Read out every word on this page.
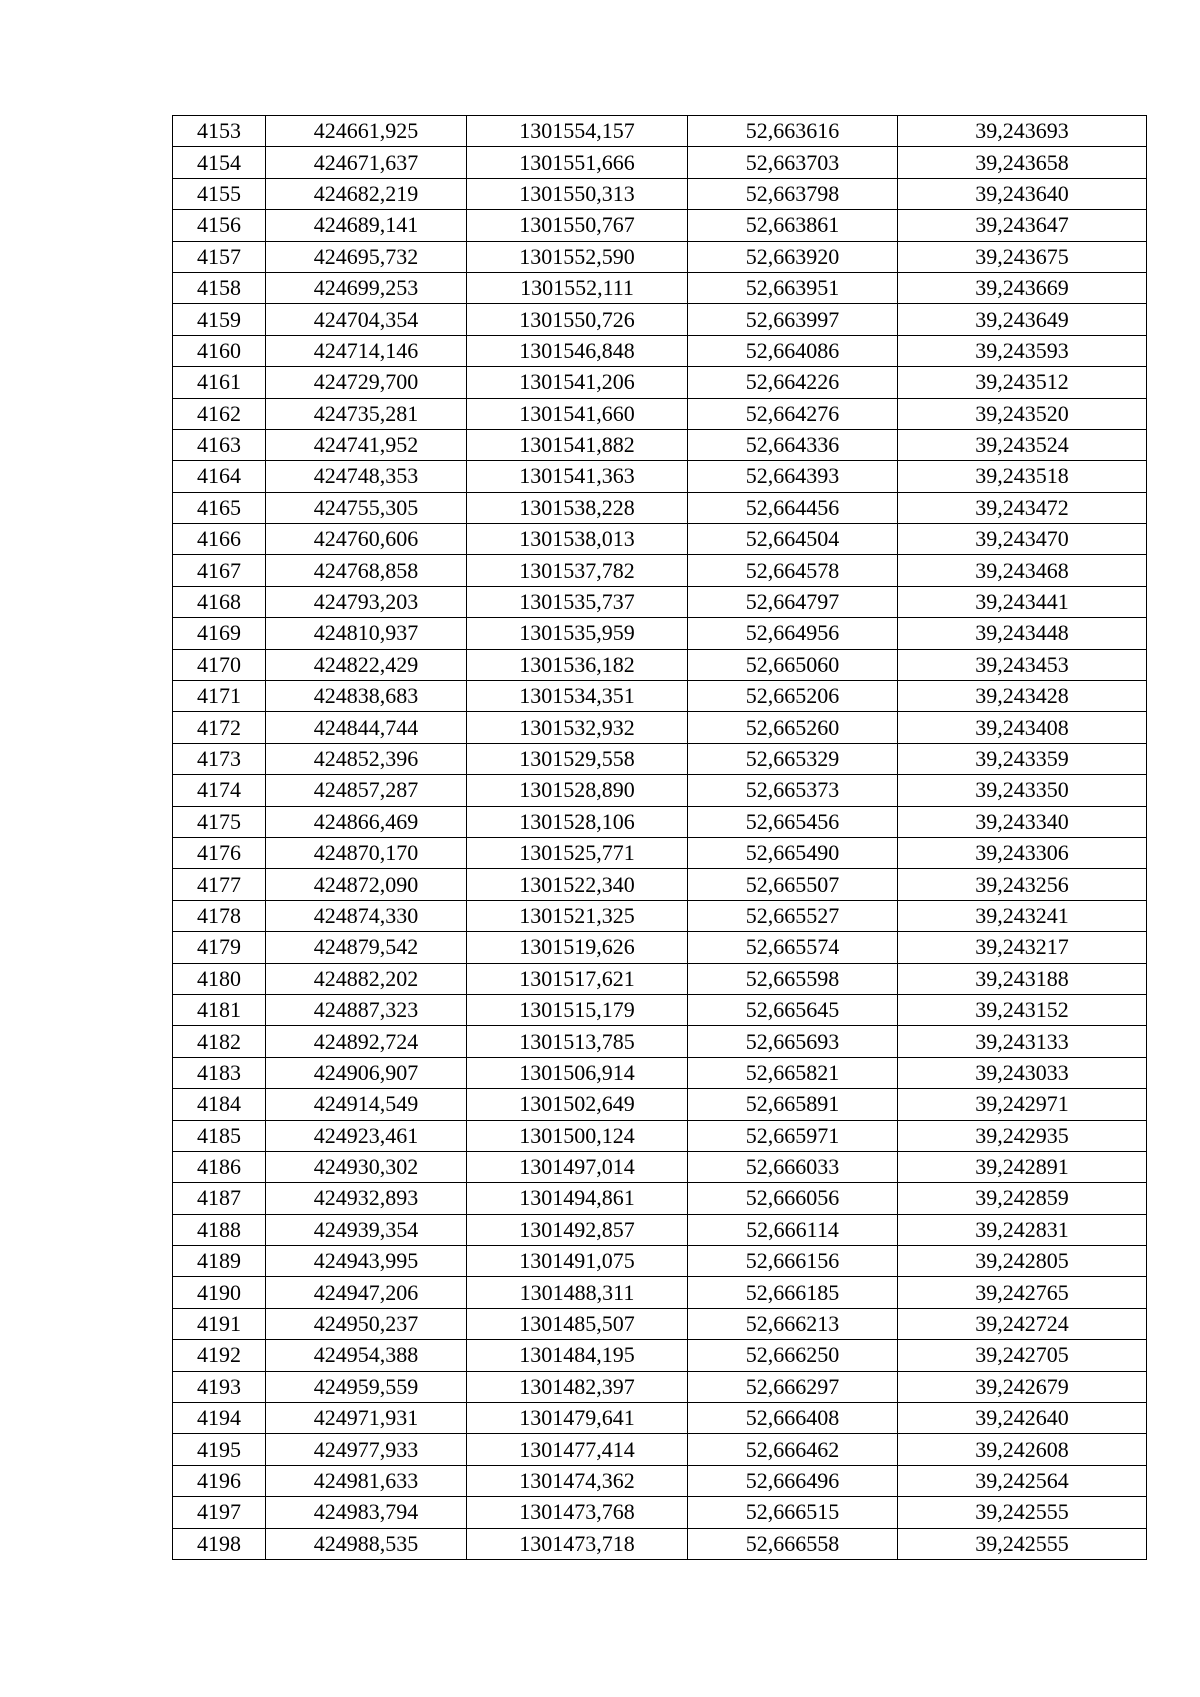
4153	424661,925	1301554,157	52,663616	39,243693
4154	424671,637	1301551,666	52,663703	39,243658
4155	424682,219	1301550,313	52,663798	39,243640
4156	424689,141	1301550,767	52,663861	39,243647
4157	424695,732	1301552,590	52,663920	39,243675
4158	424699,253	1301552,111	52,663951	39,243669
4159	424704,354	1301550,726	52,663997	39,243649
4160	424714,146	1301546,848	52,664086	39,243593
4161	424729,700	1301541,206	52,664226	39,243512
4162	424735,281	1301541,660	52,664276	39,243520
4163	424741,952	1301541,882	52,664336	39,243524
4164	424748,353	1301541,363	52,664393	39,243518
4165	424755,305	1301538,228	52,664456	39,243472
4166	424760,606	1301538,013	52,664504	39,243470
4167	424768,858	1301537,782	52,664578	39,243468
4168	424793,203	1301535,737	52,664797	39,243441
4169	424810,937	1301535,959	52,664956	39,243448
4170	424822,429	1301536,182	52,665060	39,243453
4171	424838,683	1301534,351	52,665206	39,243428
4172	424844,744	1301532,932	52,665260	39,243408
4173	424852,396	1301529,558	52,665329	39,243359
4174	424857,287	1301528,890	52,665373	39,243350
4175	424866,469	1301528,106	52,665456	39,243340
4176	424870,170	1301525,771	52,665490	39,243306
4177	424872,090	1301522,340	52,665507	39,243256
4178	424874,330	1301521,325	52,665527	39,243241
4179	424879,542	1301519,626	52,665574	39,243217
4180	424882,202	1301517,621	52,665598	39,243188
4181	424887,323	1301515,179	52,665645	39,243152
4182	424892,724	1301513,785	52,665693	39,243133
4183	424906,907	1301506,914	52,665821	39,243033
4184	424914,549	1301502,649	52,665891	39,242971
4185	424923,461	1301500,124	52,665971	39,242935
4186	424930,302	1301497,014	52,666033	39,242891
4187	424932,893	1301494,861	52,666056	39,242859
4188	424939,354	1301492,857	52,666114	39,242831
4189	424943,995	1301491,075	52,666156	39,242805
4190	424947,206	1301488,311	52,666185	39,242765
4191	424950,237	1301485,507	52,666213	39,242724
4192	424954,388	1301484,195	52,666250	39,242705
4193	424959,559	1301482,397	52,666297	39,242679
4194	424971,931	1301479,641	52,666408	39,242640
4195	424977,933	1301477,414	52,666462	39,242608
4196	424981,633	1301474,362	52,666496	39,242564
4197	424983,794	1301473,768	52,666515	39,242555
4198	424988,535	1301473,718	52,666558	39,242555
